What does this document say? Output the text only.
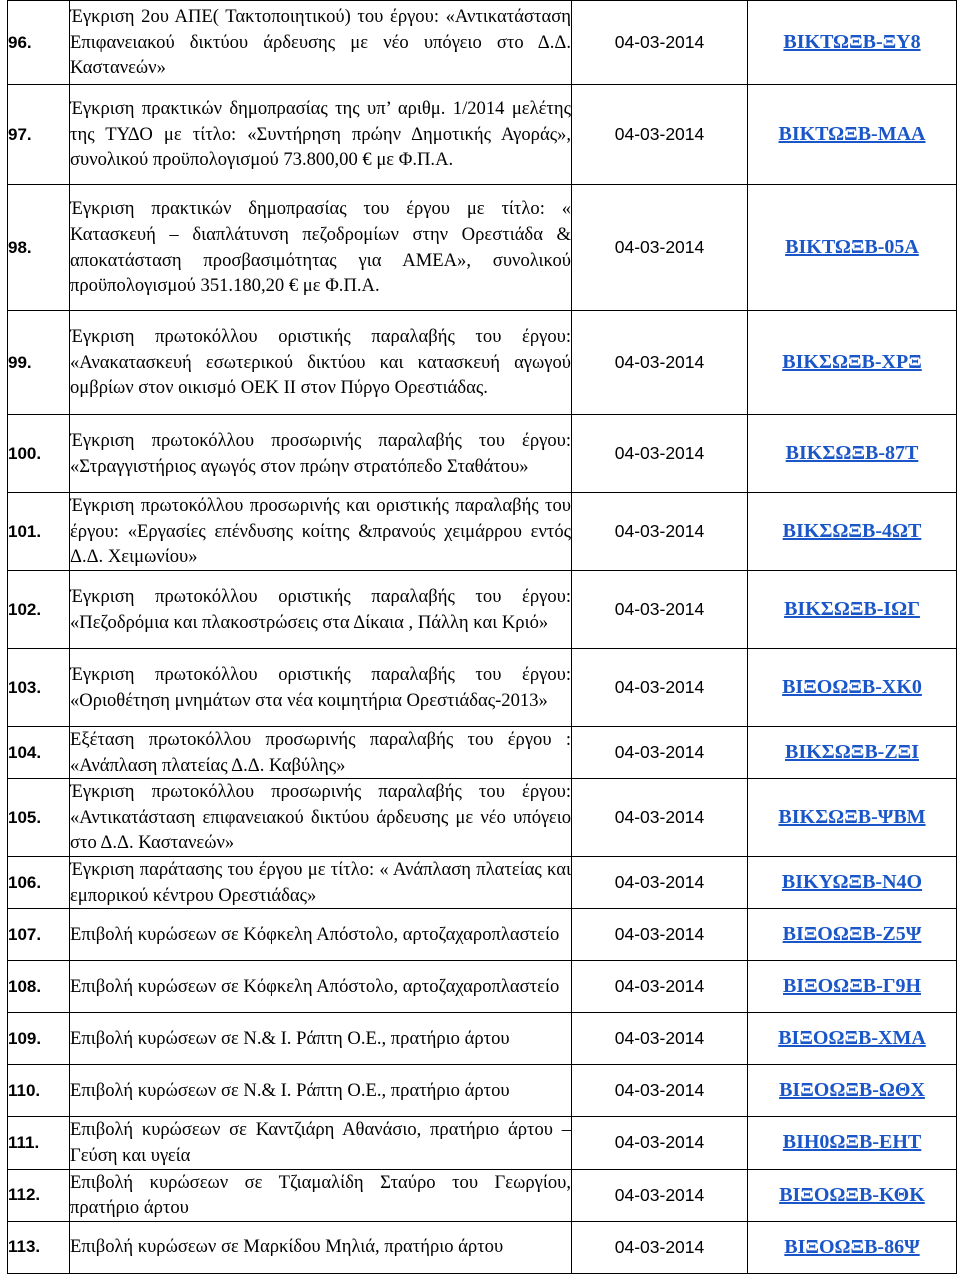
96.	Έγκριση 2ου ΑΠΕ( Τακτοποιητικού) του έργου: «Αντικατάσταση Επιφανειακού δικτύου άρδευσης με νέο υπόγειο στο Δ.Δ. Καστανεών»	04-03-2014	ΒΙΚΤΩΞΒ-ΞΥ8
97.	Έγκριση πρακτικών δημοπρασίας της υπ’ αριθμ. 1/2014 μελέτης της ΤΥΔΟ με τίτλο: «Συντήρηση πρώην Δημοτικής Αγοράς», συνολικού προϋπολογισμού 73.800,00 € με Φ.Π.Α.	04-03-2014	ΒΙΚΤΩΞΒ-ΜΑΑ
98.	Έγκριση πρακτικών δημοπρασίας του έργου με τίτλο: « Κατασκευή – διαπλάτυνση πεζοδρομίων στην Ορεστιάδα & αποκατάσταση προσβασιμότητας για ΑΜΕΑ», συνολικού προϋπολογισμού 351.180,20 € με Φ.Π.Α.	04-03-2014	ΒΙΚΤΩΞΒ-05Α
99.	Έγκριση πρωτοκόλλου οριστικής παραλαβής του έργου: «Ανακατασκευή εσωτερικού δικτύου και κατασκευή αγωγού ομβρίων στον οικισμό ΟΕΚ ΙΙ στον Πύργο Ορεστιάδας.	04-03-2014	ΒΙΚΣΩΞΒ-ΧΡΞ
100.	Έγκριση πρωτοκόλλου προσωρινής παραλαβής του έργου: «Στραγγιστήριος αγωγός στον πρώην στρατόπεδο Σταθάτου»	04-03-2014	ΒΙΚΣΩΞΒ-87Τ
101.	Έγκριση πρωτοκόλλου προσωρινής και οριστικής παραλαβής του έργου: «Εργασίες επένδυσης κοίτης &πρανούς χειμάρρου εντός Δ.Δ. Χειμωνίου»	04-03-2014	ΒΙΚΣΩΞΒ-4ΩΤ
102.	Έγκριση πρωτοκόλλου οριστικής παραλαβής του έργου: «Πεζοδρόμια και πλακοστρώσεις στα Δίκαια , Πάλλη και Κριό»	04-03-2014	ΒΙΚΣΩΞΒ-ΙΩΓ
103.	Έγκριση πρωτοκόλλου οριστικής παραλαβής του έργου: «Οριοθέτηση μνημάτων στα νέα κοιμητήρια Ορεστιάδας-2013»	04-03-2014	ΒΙΞΟΩΞΒ-ΧΚ0
104.	Εξέταση πρωτοκόλλου προσωρινής παραλαβής του έργου : «Ανάπλαση πλατείας Δ.Δ. Καβύλης»	04-03-2014	ΒΙΚΣΩΞΒ-ΖΞΙ
105.	Έγκριση πρωτοκόλλου προσωρινής παραλαβής του έργου: «Αντικατάσταση επιφανειακού δικτύου άρδευσης με νέο υπόγειο στο Δ.Δ. Καστανεών»	04-03-2014	ΒΙΚΣΩΞΒ-ΨΒΜ
106.	Έγκριση παράτασης του έργου με τίτλο: « Ανάπλαση πλατείας και εμπορικού κέντρου Ορεστιάδας»	04-03-2014	ΒΙΚΥΩΞΒ-Ν4Ο
107.	Επιβολή κυρώσεων σε Κόφκελη Απόστολο, αρτοζαχαροπλαστείο	04-03-2014	ΒΙΞΟΩΞΒ-Ζ5Ψ
108.	Επιβολή κυρώσεων σε Κόφκελη Απόστολο, αρτοζαχαροπλαστείο	04-03-2014	ΒΙΞΟΩΞΒ-Γ9Η
109.	Επιβολή κυρώσεων σε Ν.& Ι. Ράπτη Ο.Ε., πρατήριο άρτου	04-03-2014	ΒΙΞΟΩΞΒ-ΧΜΑ
110.	Επιβολή κυρώσεων σε Ν.& Ι. Ράπτη Ο.Ε., πρατήριο άρτου	04-03-2014	ΒΙΞΟΩΞΒ-ΩΘΧ
111.	Επιβολή κυρώσεων σε Καντζιάρη Αθανάσιο, πρατήριο άρτου – Γεύση και υγεία	04-03-2014	ΒΙΗ0ΩΞΒ-ΕΗΤ
112.	Επιβολή κυρώσεων σε Τζιαμαλίδη Σταύρο του Γεωργίου, πρατήριο άρτου	04-03-2014	ΒΙΞΟΩΞΒ-ΚΘΚ
113.	Επιβολή κυρώσεων σε Μαρκίδου Μηλιά, πρατήριο άρτου	04-03-2014	ΒΙΞΟΩΞΒ-86Ψ
